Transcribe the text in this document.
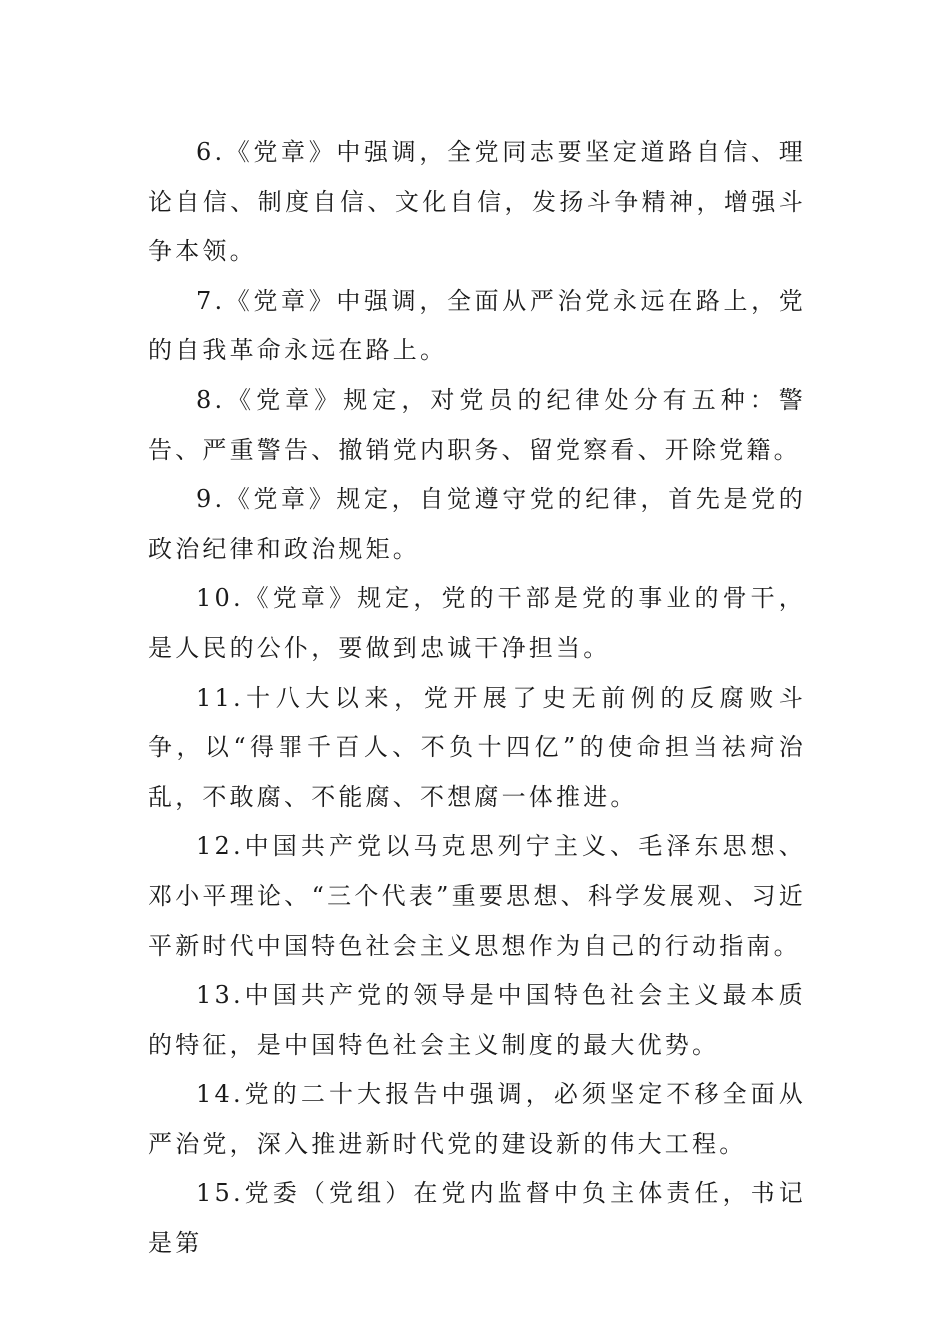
6.《党章》中强调，全党同志要坚定道路自信、理论自信、制度自信、文化自信，发扬斗争精神，增强斗争本领。

7.《党章》中强调，全面从严治党永远在路上，党的自我革命永远在路上。

8.《党章》规定，对党员的纪律处分有五种：警告、严重警告、撤销党内职务、留党察看、开除党籍。

9.《党章》规定，自觉遵守党的纪律，首先是党的政治纪律和政治规矩。

10.《党章》规定，党的干部是党的事业的骨干，是人民的公仆，要做到忠诚干净担当。

11.十八大以来，党开展了史无前例的反腐败斗争，以“得罪千百人、不负十四亿”的使命担当祛疴治乱，不敢腐、不能腐、不想腐一体推进。

12.中国共产党以马克思列宁主义、毛泽东思想、邓小平理论、“三个代表”重要思想、科学发展观、习近平新时代中国特色社会主义思想作为自己的行动指南。

13.中国共产党的领导是中国特色社会主义最本质的特征，是中国特色社会主义制度的最大优势。

14.党的二十大报告中强调，必须坚定不移全面从严治党，深入推进新时代党的建设新的伟大工程。

15.党委（党组）在党内监督中负主体责任，书记是第
